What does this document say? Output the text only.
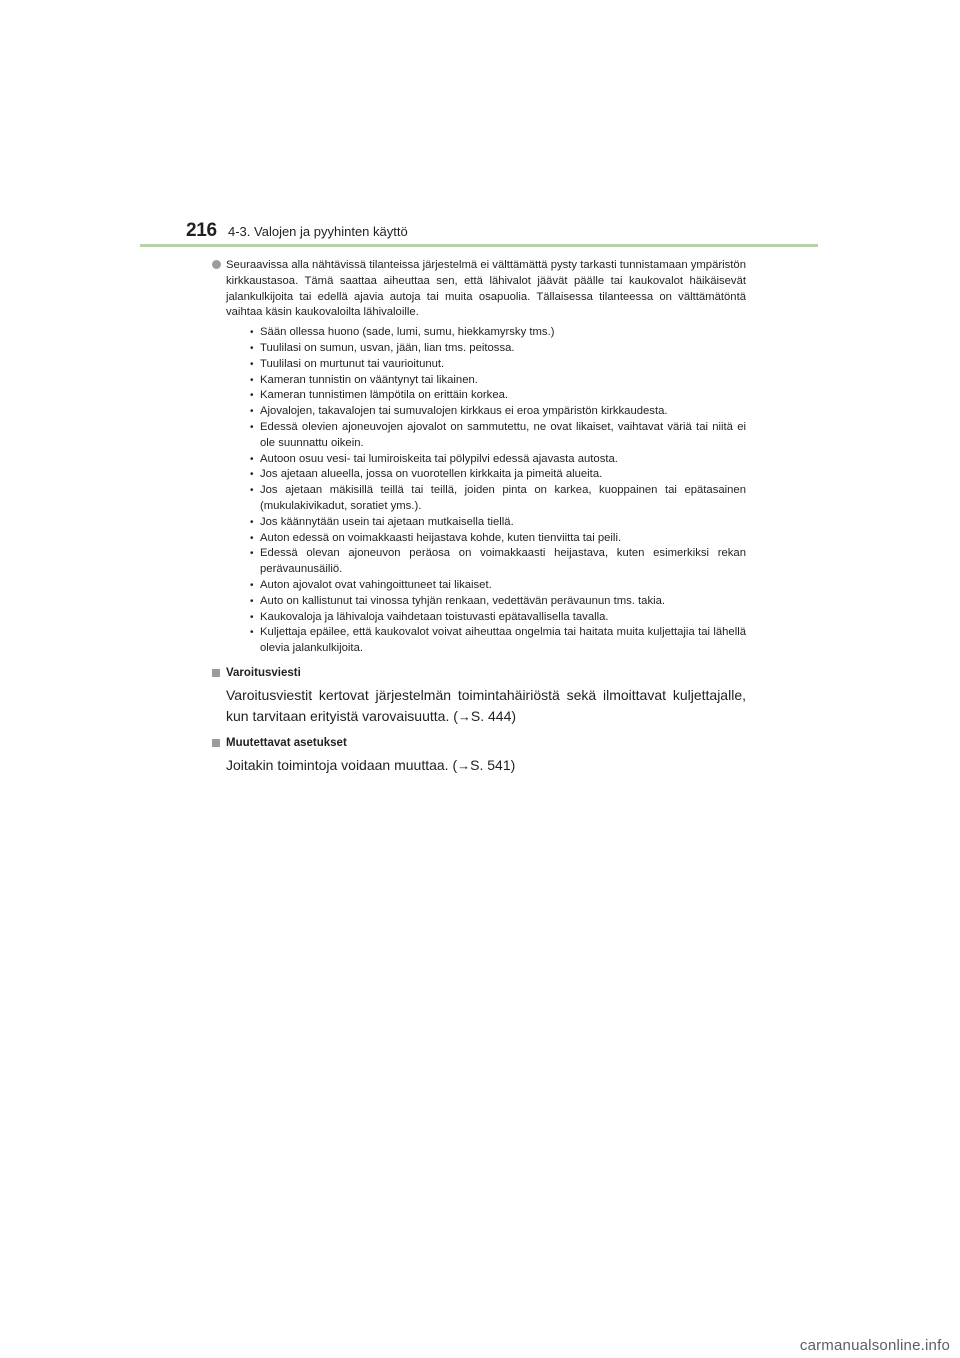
216 4-3. Valojen ja pyyhinten käyttö

Seuraavissa alla nähtävissä tilanteissa järjestelmä ei välttämättä pysty tarkasti tunnistamaan ympäristön kirkkaustasoa. Tämä saattaa aiheuttaa sen, että lähivalot jäävät päälle tai kaukovalot häikäisevät jalankulkijoita tai edellä ajavia autoja tai muita osapuolia. Tällaisessa tilanteessa on välttämätöntä vaihtaa käsin kaukovaloilta lähivaloille.

• Sään ollessa huono (sade, lumi, sumu, hiekkamyrsky tms.)
• Tuulilasi on sumun, usvan, jään, lian tms. peitossa.
• Tuulilasi on murtunut tai vaurioitunut.
• Kameran tunnistin on vääntynyt tai likainen.
• Kameran tunnistimen lämpötila on erittäin korkea.
• Ajovalojen, takavalojen tai sumuvalojen kirkkaus ei eroa ympäristön kirkkaudesta.
• Edessä olevien ajoneuvojen ajovalot on sammutettu, ne ovat likaiset, vaihtavat väriä tai niitä ei ole suunnattu oikein.
• Autoon osuu vesi- tai lumiroiskeita tai pölypilvi edessä ajavasta autosta.
• Jos ajetaan alueella, jossa on vuorotellen kirkkaita ja pimeitä alueita.
• Jos ajetaan mäkisillä teillä tai teillä, joiden pinta on karkea, kuoppainen tai epätasainen (mukulakivikadut, soratiet yms.).
• Jos käännytään usein tai ajetaan mutkaisella tiellä.
• Auton edessä on voimakkaasti heijastava kohde, kuten tienviitta tai peili.
• Edessä olevan ajoneuvon peräosa on voimakkaasti heijastava, kuten esimerkiksi rekan perävaunusäiliö.
• Auton ajovalot ovat vahingoittuneet tai likaiset.
• Auto on kallistunut tai vinossa tyhjän renkaan, vedettävän perävaunun tms. takia.
• Kaukovaloja ja lähivaloja vaihdetaan toistuvasti epätavallisella tavalla.
• Kuljettaja epäilee, että kaukovalot voivat aiheuttaa ongelmia tai haitata muita kuljettajia tai lähellä olevia jalankulkijoita.

Varoitusviesti

Varoitusviestit kertovat järjestelmän toimintahäiriöstä sekä ilmoittavat kuljettajalle, kun tarvitaan erityistä varovaisuutta. (→S. 444)

Muutettavat asetukset

Joitakin toimintoja voidaan muuttaa. (→S. 541)

carmanualsonline.info
